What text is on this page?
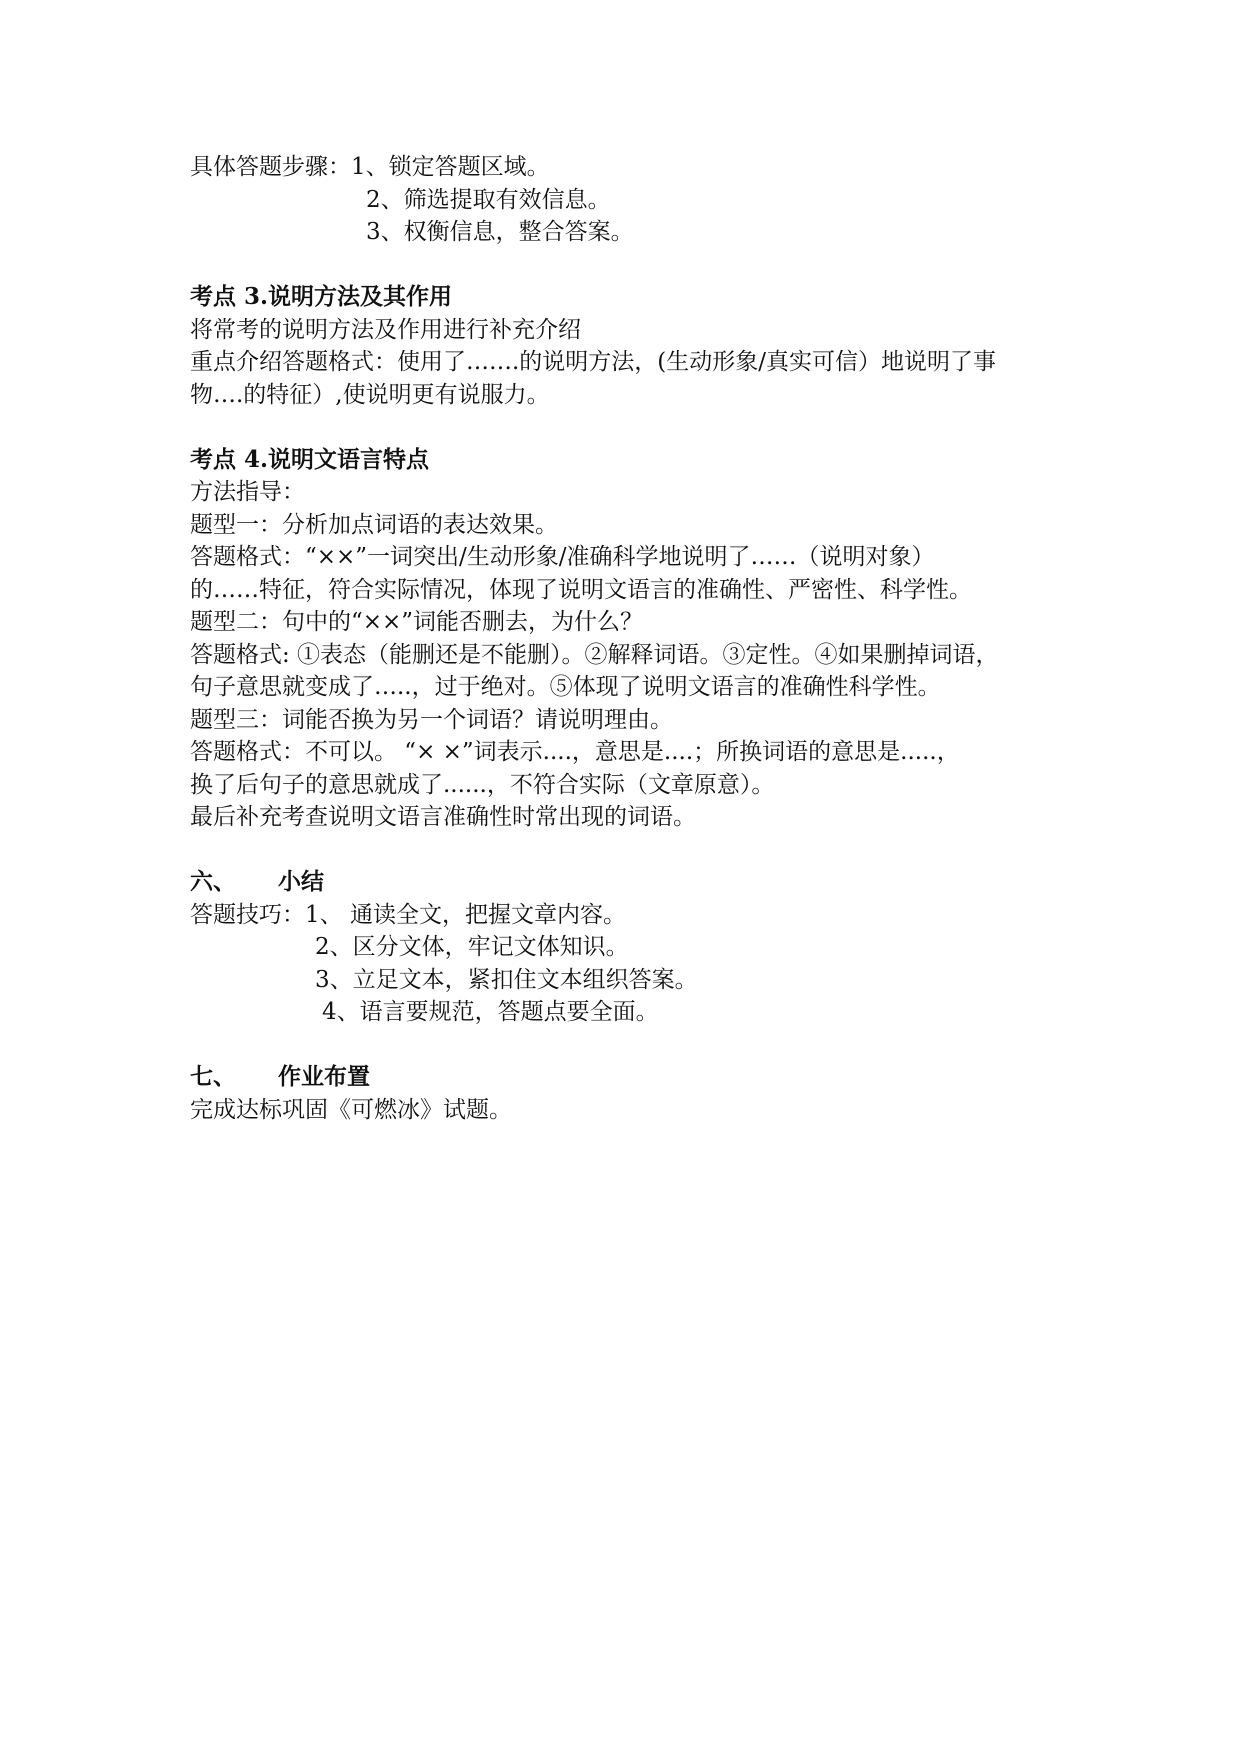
具体答题步骤：1、锁定答题区域。
2、筛选提取有效信息。
3、权衡信息，整合答案。
考点 3.说明方法及其作用
将常考的说明方法及作用进行补充介绍
重点介绍答题格式：使用了…….的说明方法，(生动形象/真实可信）地说明了事
物….的特征）,使说明更有说服力。
考点 4.说明文语言特点
方法指导：
题型一：分析加点词语的表达效果。
答题格式：“××”一词突出/生动形象/准确科学地说明了……（说明对象）
的……特征，符合实际情况，体现了说明文语言的准确性、严密性、科学性。
题型二：句中的“××”词能否删去，为什么？
答题格式: ①表态（能删还是不能删）。②解释词语。③定性。④如果删掉词语，
句子意思就变成了…..，过于绝对。⑤体现了说明文语言的准确性科学性。
题型三：词能否换为另一个词语？请说明理由。
答题格式：不可以。 “× ×”词表示....，意思是....；所换词语的意思是.....，
换了后句子的意思就成了......，不符合实际（文章原意）。
最后补充考查说明文语言准确性时常出现的词语。
六、 小结
答题技巧：1、 通读全文，把握文章内容。
2、区分文体，牢记文体知识。
3、立足文本，紧扣住文本组织答案。
4、语言要规范，答题点要全面。
七、 作业布置
完成达标巩固《可燃冰》试题。
